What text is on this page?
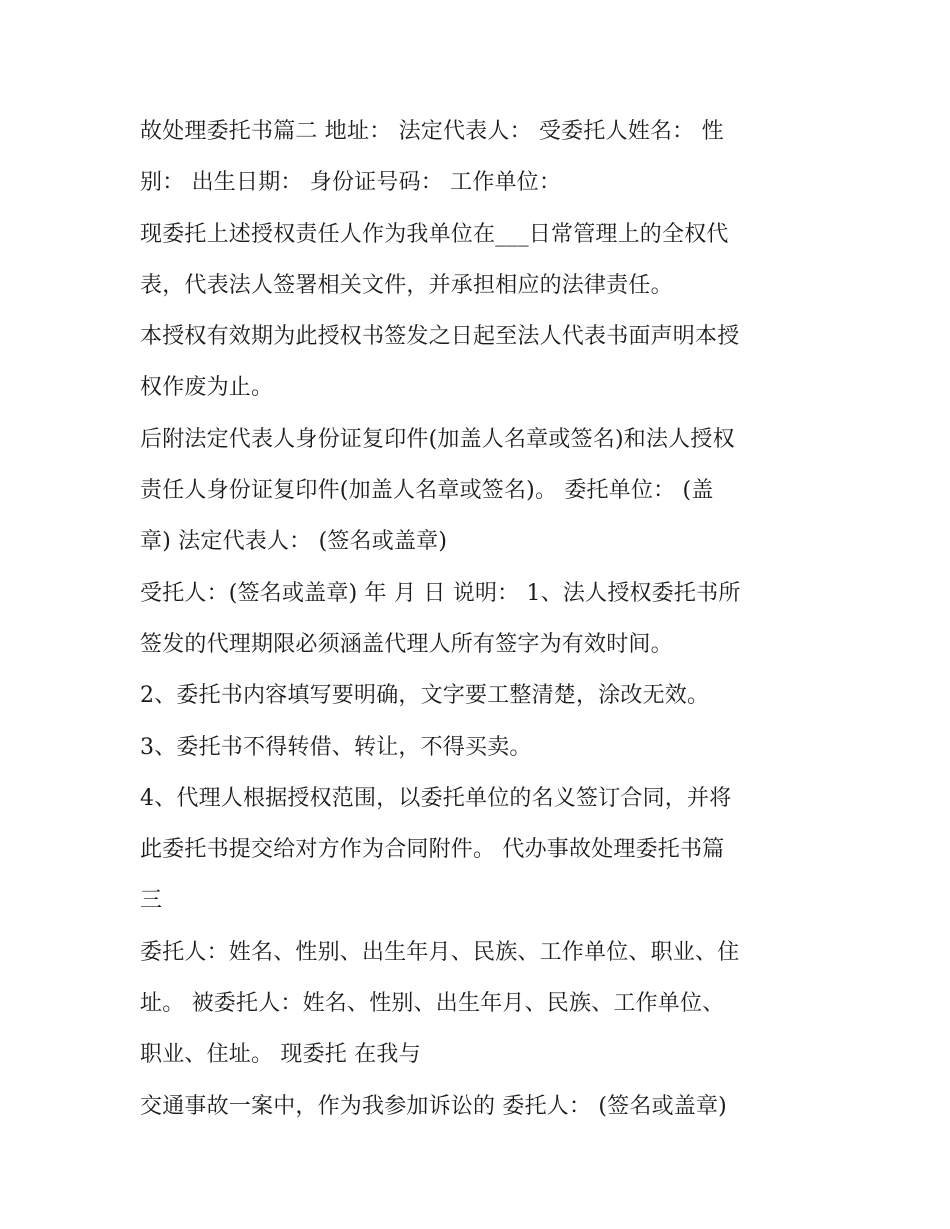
故处理委托书篇二 地址： 法定代表人： 受委托人姓名： 性
别： 出生日期： 身份证号码： 工作单位：
现委托上述授权责任人作为我单位在___日常管理上的全权代
表，代表法人签署相关文件，并承担相应的法律责任。
本授权有效期为此授权书签发之日起至法人代表书面声明本授
权作废为止。
后附法定代表人身份证复印件(加盖人名章或签名)和法人授权
责任人身份证复印件(加盖人名章或签名)。 委托单位： (盖
章) 法定代表人： (签名或盖章)
受托人：(签名或盖章) 年 月 日 说明： 1、法人授权委托书所
签发的代理期限必须涵盖代理人所有签字为有效时间。
2、委托书内容填写要明确，文字要工整清楚，涂改无效。
3、委托书不得转借、转让，不得买卖。
4、代理人根据授权范围，以委托单位的名义签订合同，并将
此委托书提交给对方作为合同附件。 代办事故处理委托书篇
三
委托人：姓名、性别、出生年月、民族、工作单位、职业、住
址。 被委托人：姓名、性别、出生年月、民族、工作单位、
职业、住址。 现委托 在我与
交通事故一案中，作为我参加诉讼的 委托人： (签名或盖章)
